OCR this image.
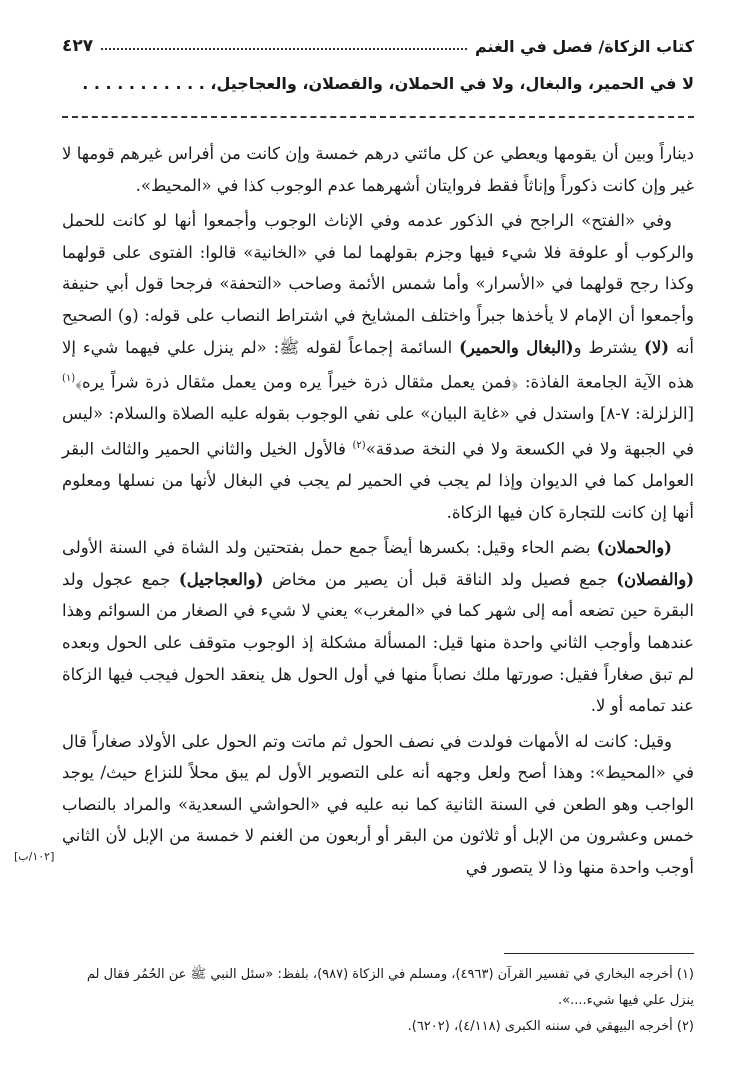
كتاب الزكاة/ فصل في الغنم
٤٢٧
لا في الحمير، والبغال، ولا في الحملان، والفصلان، والعجاجيل، . . . . . . . . . . .

ديناراً وبين أن يقومها ويعطي عن كل مائتي درهم خمسة وإن كانت من أفراس غيرهم قومها لا غير وإن كانت ذكوراً وإناثاً فقط فروايتان أشهرهما عدم الوجوب كذا في «المحيط».

وفي «الفتح» الراجح في الذكور عدمه وفي الإناث الوجوب وأجمعوا أنها لو كانت للحمل والركوب أو علوفة فلا شيء فيها وجزم بقولهما لما في «الخانية» قالوا: الفتوى على قولهما وكذا رجح قولهما في «الأسرار» وأما شمس الأئمة وصاحب «التحفة» فرجحا قول أبي حنيفة وأجمعوا أن الإمام لا يأخذها جبراً واختلف المشايخ في اشتراط النصاب على قوله: (و) الصحيح أنه (لا) يشترط و(البغال والحمير) السائمة إجماعاً لقوله ﷺ: «لم ينزل علي فيهما شيء إلا هذه الآية الجامعة الفاذة: ﴿فمن يعمل مثقال ذرة خيراً يره ومن يعمل مثقال ذرة شراً يره﴾$^{(١)}$ [الزلزلة: ٧-٨] واستدل في «غاية البيان» على نفي الوجوب بقوله عليه الصلاة والسلام: «ليس في الجبهة ولا في الكسعة ولا في النخة صدقة»$^{(٢)}$ فالأول الخيل والثاني الحمير والثالث البقر العوامل كما في الديوان وإذا لم يجب في الحمير لم يجب في البغال لأنها من نسلها ومعلوم أنها إن كانت للتجارة كان فيها الزكاة.

(والحملان) بضم الحاء وقيل: بكسرها أيضاً جمع حمل بفتحتين ولد الشاة في السنة الأولى (والفصلان) جمع فصيل ولد الناقة قبل أن يصير من مخاض (والعجاجيل) جمع عجول ولد البقرة حين تضعه أمه إلى شهر كما في «المغرب» يعني لا شيء في الصغار من السوائم وهذا عندهما وأوجب الثاني واحدة منها قيل: المسألة مشكلة إذ الوجوب متوقف على الحول وبعده لم تبق صغاراً فقيل: صورتها ملك نصاباً منها في أول الحول هل ينعقد الحول فيجب فيها الزكاة عند تمامه أو لا.

وقيل: كانت له الأمهات فولدت في نصف الحول ثم ماتت وتم الحول على الأولاد صغاراً قال في «المحيط»: وهذا أصح ولعل وجهه أنه على التصوير الأول لم يبق محلاً للنزاع حيث/ يوجد الواجب وهو الطعن في السنة الثانية كما نبه عليه في «الحواشي السعدية» والمراد بالنصاب خمس وعشرون من الإبل أو ثلاثون من البقر أو أربعون من الغنم لا خمسة من الإبل لأن الثاني أوجب واحدة منها وذا لا يتصور في

[١٠٢/ب]

(١) أخرجه البخاري في تفسير القرآن (٤٩٦٣)، ومسلم في الزكاة (٩٨٧)، بلفظ: «سئل النبي ﷺ عن الحُمُر فقال لم ينزل علي فيها شيء....».

(٢) أخرجه البيهقي في سننه الكبرى (٤/١١٨)، (٦٢٠٢).
